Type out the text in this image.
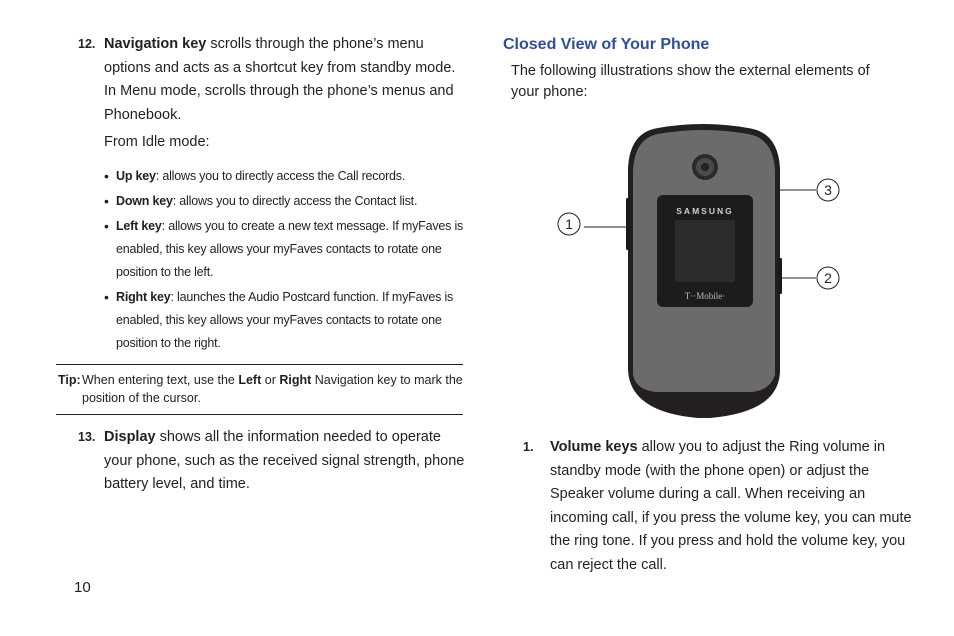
12. Navigation key scrolls through the phone’s menu options and acts as a shortcut key from standby mode.

In Menu mode, scrolls through the phone’s menus and Phonebook.

From Idle mode:

• Up key: allows you to directly access the Call records.
• Down key: allows you to directly access the Contact list.
• Left key: allows you to create a new text message. If myFaves is enabled, this key allows your myFaves contacts to rotate one position to the left.
• Right key: launches the Audio Postcard function. If myFaves is enabled, this key allows your myFaves contacts to rotate one position to the right.
Tip: When entering text, use the Left or Right Navigation key to mark the position of the cursor.
13. Display shows all the information needed to operate your phone, such as the received signal strength, phone battery level, and time.

10
Closed View of Your Phone

The following illustrations show the external elements of your phone:

SAMSUNG
T··Mobile·
1
2
3
1. Volume keys allow you to adjust the Ring volume in standby mode (with the phone open) or adjust the Speaker volume during a call. When receiving an incoming call, if you press the volume key, you can mute the ring tone. If you press and hold the volume key, you can reject the call.
